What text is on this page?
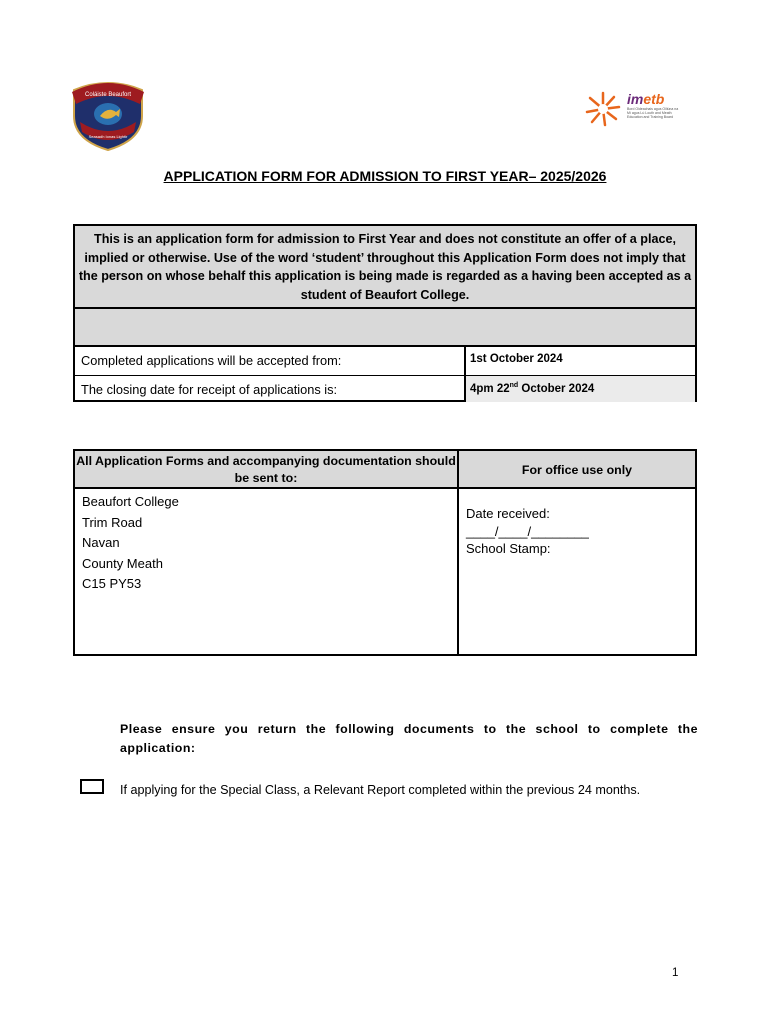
Coláiste Beaufort
Seasadh Ionas Lightir
imetb
Bord Oideachais agus Oiliúna na Mí agus Lú Louth and Meath Education and Training Board
APPLICATION FORM FOR ADMISSION TO FIRST YEAR– 2025/2026
This is an application form for admission to First Year and does not constitute an offer of a place, implied or otherwise. Use of the word ‘student’ throughout this Application Form does not imply that the person on whose behalf this application is being made is regarded as a having been accepted as a student of Beaufort College.
Completed applications will be accepted from:	1st October 2024
The closing date for receipt of applications is:	4pm 22nd October 2024
All Application Forms and accompanying documentation should be sent to:
For office use only
Beaufort College
Trim Road
Navan
County Meath
C15 PY53
Date received:
____/____/________
School Stamp:
Please ensure you return the following documents to the school to complete the application:
If applying for the Special Class, a Relevant Report completed within the previous 24 months.
1
